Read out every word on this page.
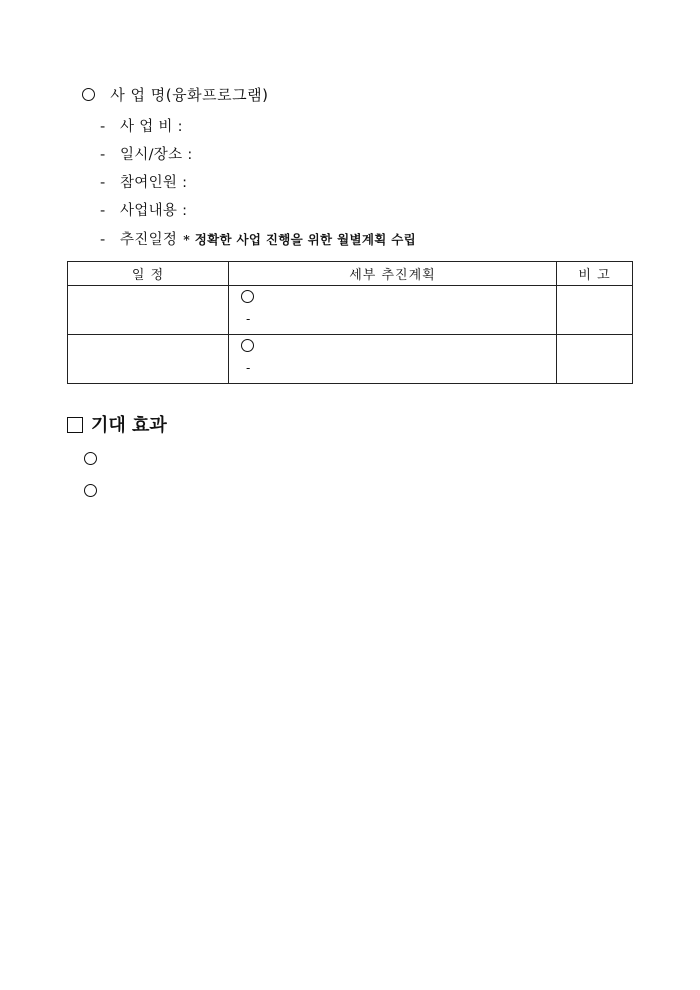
사 업 명(융화프로그램)
- 사 업 비 :
- 일시/장소 :
- 참여인원 :
- 사업내용 :
- 추진일정 * 정확한 사업 진행을 위한 월별계획 수립
일 정	세부 추진계획	비 고

	-	

	-	

기대 효과
